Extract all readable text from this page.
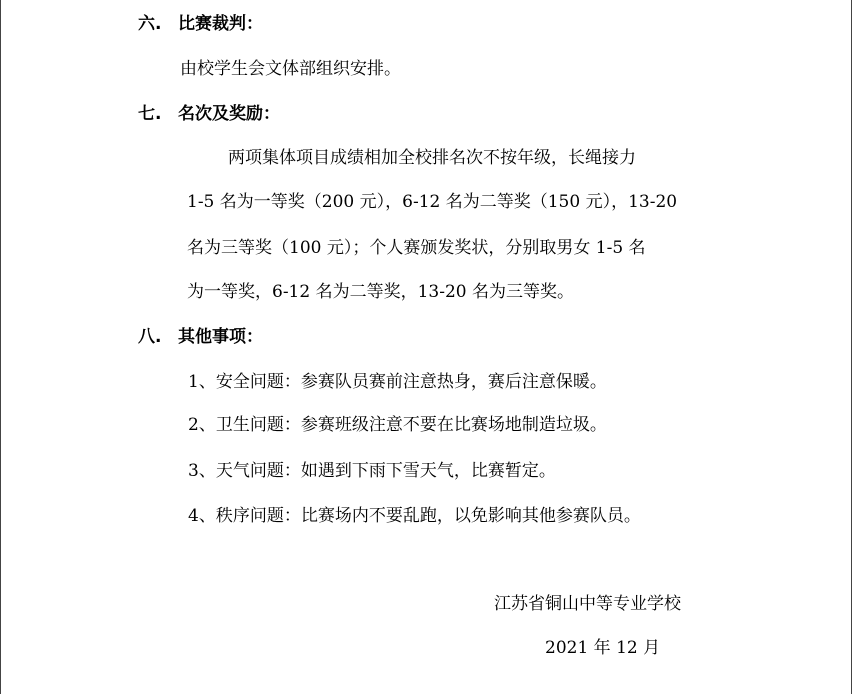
六. 比赛裁判：
由校学生会文体部组织安排。
七. 名次及奖励：
两项集体项目成绩相加全校排名次不按年级，长绳接力
1-5 名为一等奖（200 元），6-12 名为二等奖（150 元），13-20
名为三等奖（100 元）；个人赛颁发奖状，分别取男女 1-5 名
为一等奖，6-12 名为二等奖，13-20 名为三等奖。
八. 其他事项：
1、安全问题：参赛队员赛前注意热身，赛后注意保暖。
2、卫生问题：参赛班级注意不要在比赛场地制造垃圾。
3、天气问题：如遇到下雨下雪天气，比赛暂定。
4、秩序问题：比赛场内不要乱跑，以免影响其他参赛队员。
江苏省铜山中等专业学校
2021 年 12 月
